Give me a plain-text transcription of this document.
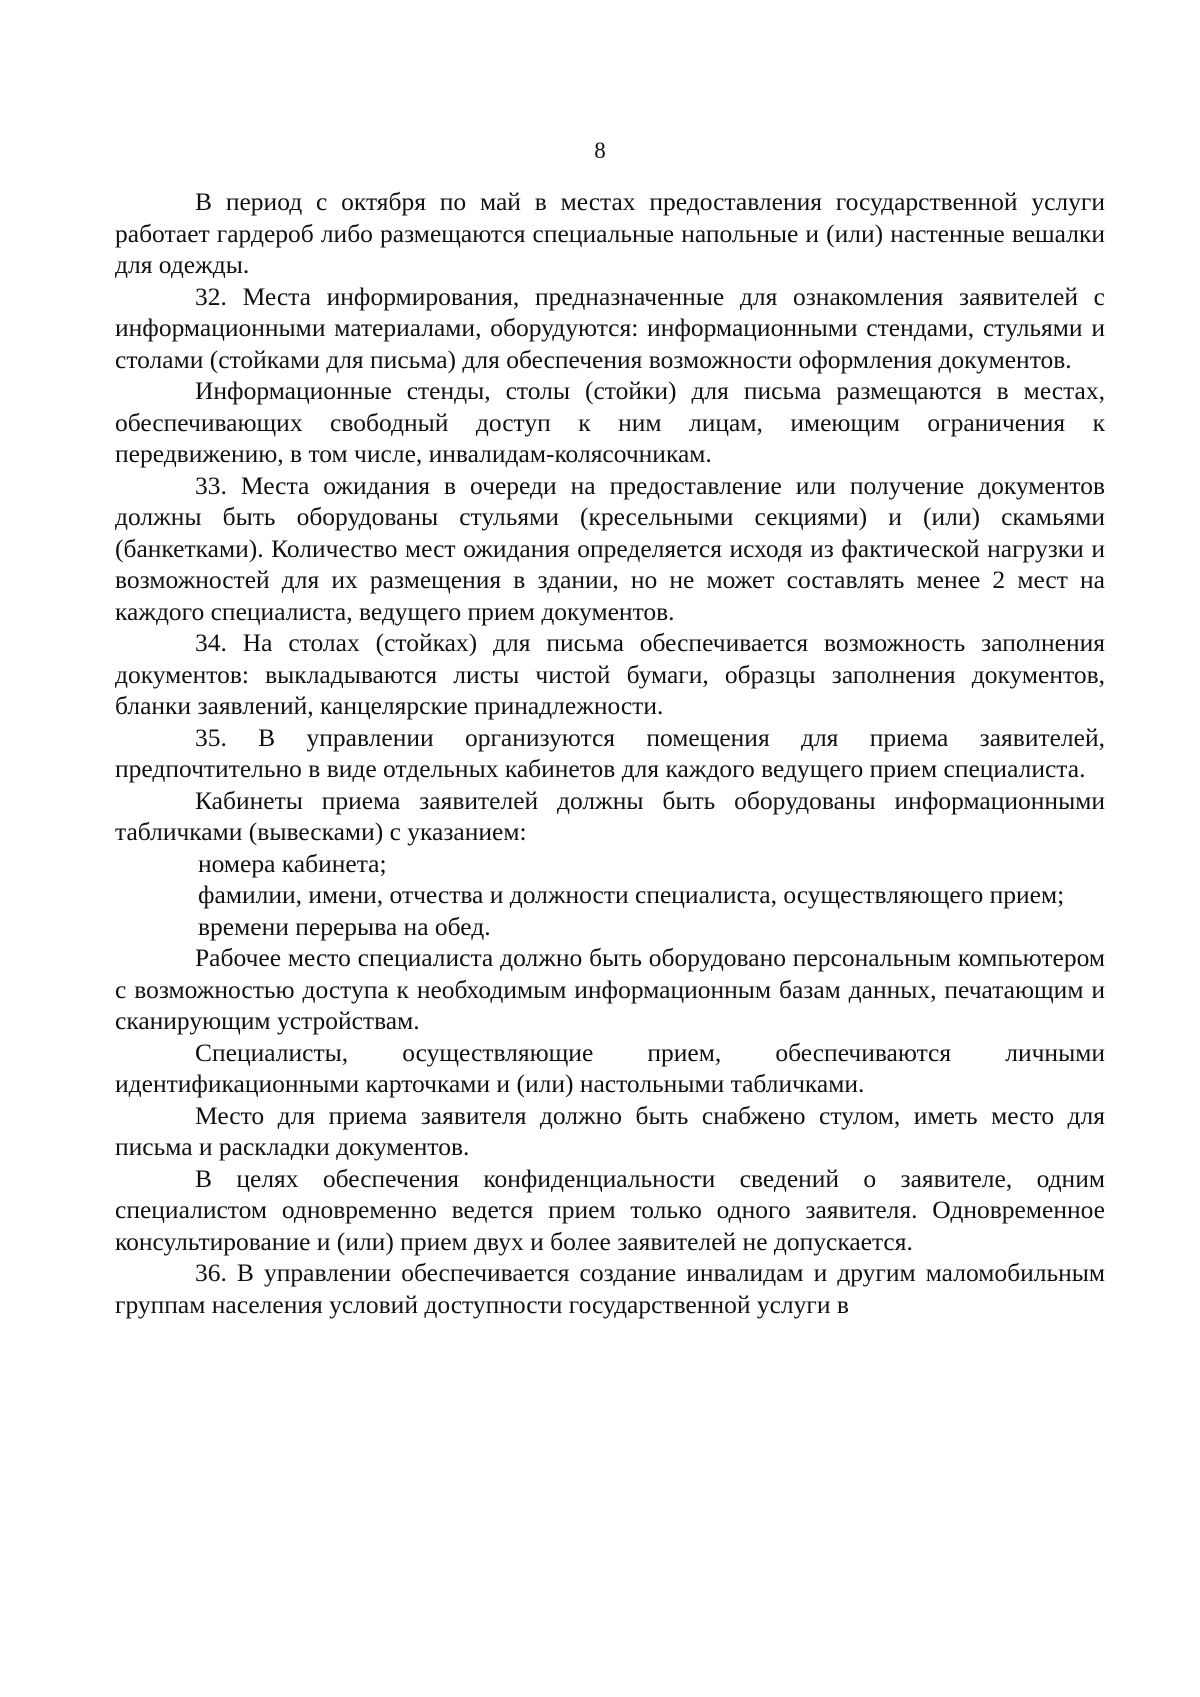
8

В период с октября по май в местах предоставления государственной услуги работает гардероб либо размещаются специальные напольные и (или) настенные вешалки для одежды.

32. Места информирования, предназначенные для ознакомления заявителей с информационными материалами, оборудуются: информационными стендами, стульями и столами (стойками для письма) для обеспечения возможности оформления документов.

Информационные стенды, столы (стойки) для письма размещаются в местах, обеспечивающих свободный доступ к ним лицам, имеющим ограничения к передвижению, в том числе, инвалидам-колясочникам.

33. Места ожидания в очереди на предоставление или получение документов должны быть оборудованы стульями (кресельными секциями) и (или) скамьями (банкетками). Количество мест ожидания определяется исходя из фактической нагрузки и возможностей для их размещения в здании, но не может составлять менее 2 мест на каждого специалиста, ведущего прием документов.

34. На столах (стойках) для письма обеспечивается возможность заполнения документов: выкладываются листы чистой бумаги, образцы заполнения документов, бланки заявлений, канцелярские принадлежности.

35. В управлении организуются помещения для приема заявителей, предпочтительно в виде отдельных кабинетов для каждого ведущего прием специалиста.

Кабинеты приема заявителей должны быть оборудованы информационными табличками (вывесками) с указанием:

номера кабинета;

фамилии, имени, отчества и должности специалиста, осуществляющего прием;

времени перерыва на обед.

Рабочее место специалиста должно быть оборудовано персональным компьютером с возможностью доступа к необходимым информационным базам данных, печатающим и сканирующим устройствам.

Специалисты, осуществляющие прием, обеспечиваются личными идентификационными карточками и (или) настольными табличками.

Место для приема заявителя должно быть снабжено стулом, иметь место для письма и раскладки документов.

В целях обеспечения конфиденциальности сведений о заявителе, одним специалистом одновременно ведется прием только одного заявителя. Одновременное консультирование и (или) прием двух и более заявителей не допускается.

36. В управлении обеспечивается создание инвалидам и другим маломобильным группам населения условий доступности государственной услуги в
